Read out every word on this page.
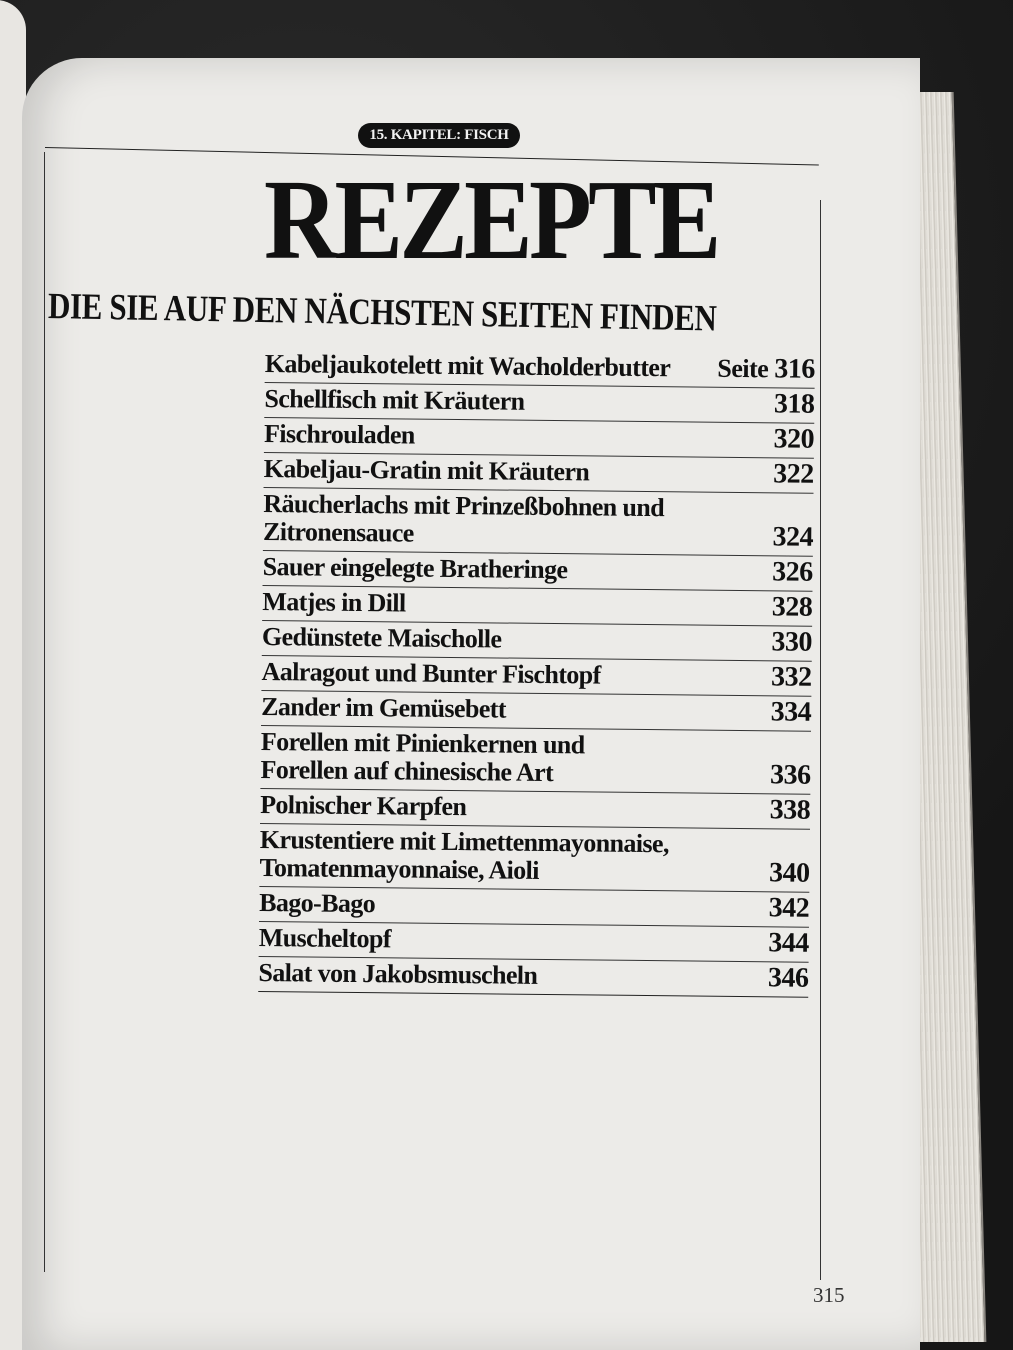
15. KAPITEL: FISCH
REZEPTE
DIE SIE AUF DEN NÄCHSTEN SEITEN FINDEN
Kabeljaukotelett mit Wacholderbutter Seite 316
Schellfisch mit Kräutern	318
Fischrouladen	320
Kabeljau-Gratin mit Kräutern	322
Räucherlachs mit Prinzeßbohnen und
Zitronensauce	324
Sauer eingelegte Bratheringe	326
Matjes in Dill	328
Gedünstete Maischolle	330
Aalragout und Bunter Fischtopf	332
Zander im Gemüsebett	334
Forellen mit Pinienkernen und
Forellen auf chinesische Art	336
Polnischer Karpfen	338
Krustentiere mit Limettenmayonnaise,
Tomatenmayonnaise, Aioli	340
Bago-Bago	342
Muscheltopf	344
Salat von Jakobsmuscheln	346
315
